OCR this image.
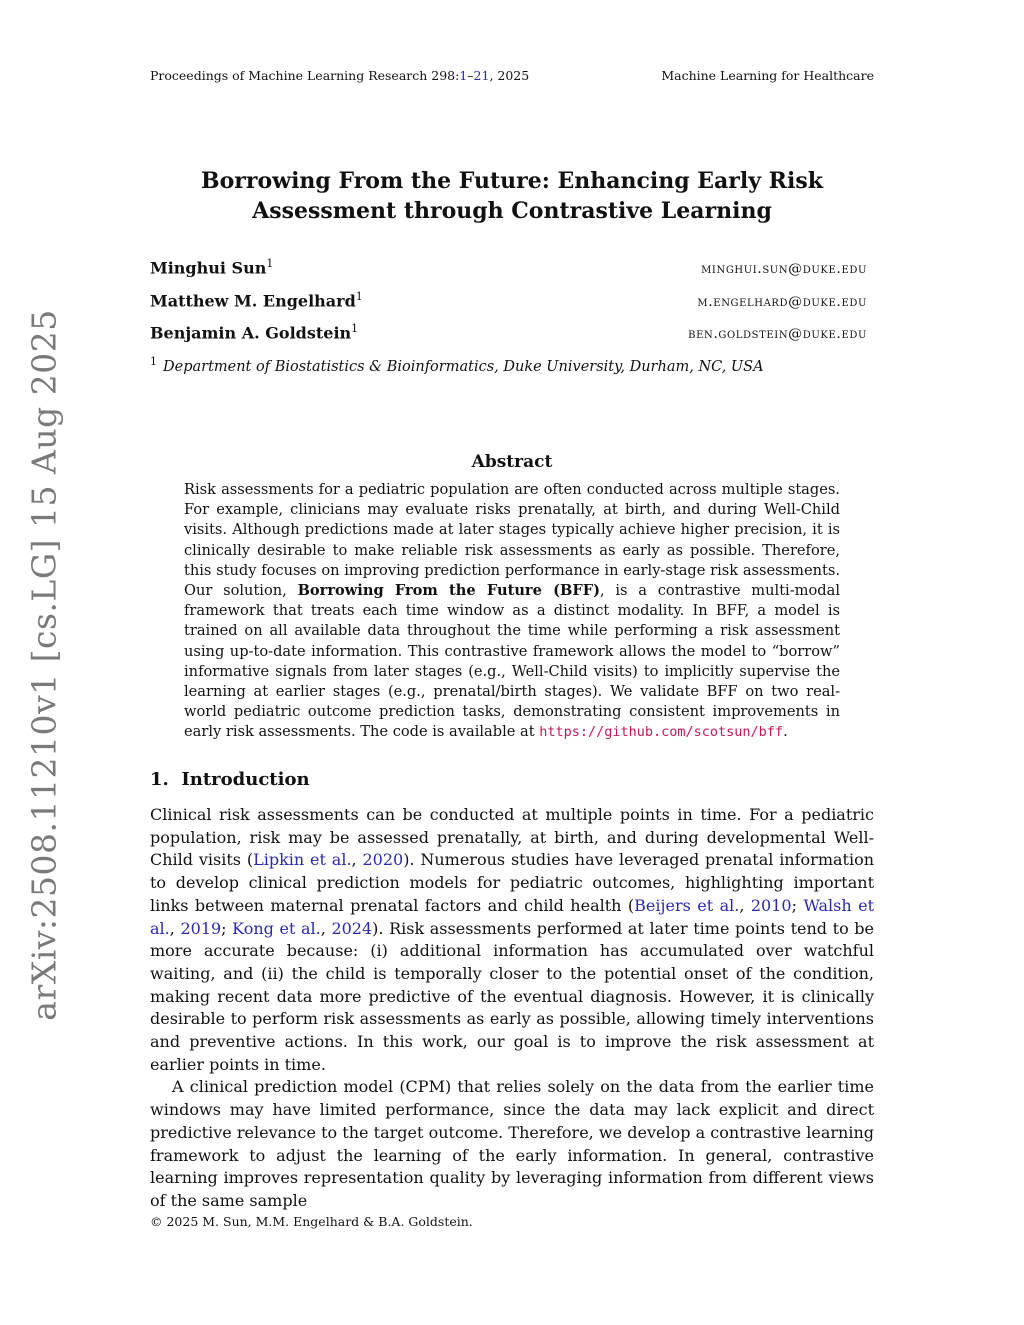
Proceedings of Machine Learning Research 298:1–21, 2025	Machine Learning for Healthcare
arXiv:2508.11210v1 [cs.LG] 15 Aug 2025
Borrowing From the Future: Enhancing Early Risk
Assessment through Contrastive Learning
Minghui Sun$^1$	minghui.sun@duke.edu
Matthew M. Engelhard$^1$	m.engelhard@duke.edu
Benjamin A. Goldstein$^1$	ben.goldstein@duke.edu
$^1$ Department of Biostatistics & Bioinformatics, Duke University, Durham, NC, USA
Abstract
Risk assessments for a pediatric population are often conducted across multiple stages. For example, clinicians may evaluate risks prenatally, at birth, and during Well-Child visits. Although predictions made at later stages typically achieve higher precision, it is clinically desirable to make reliable risk assessments as early as possible. Therefore, this study focuses on improving prediction performance in early-stage risk assessments. Our solution, Borrowing From the Future (BFF), is a contrastive multi-modal framework that treats each time window as a distinct modality. In BFF, a model is trained on all available data throughout the time while performing a risk assessment using up-to-date information. This contrastive framework allows the model to “borrow” informative signals from later stages (e.g., Well-Child visits) to implicitly supervise the learning at earlier stages (e.g., prenatal/birth stages). We validate BFF on two real-world pediatric outcome prediction tasks, demonstrating consistent improvements in early risk assessments. The code is available at https://github.com/scotsun/bff.
1. Introduction

Clinical risk assessments can be conducted at multiple points in time. For a pediatric population, risk may be assessed prenatally, at birth, and during developmental Well-Child visits (Lipkin et al., 2020). Numerous studies have leveraged prenatal information to develop clinical prediction models for pediatric outcomes, highlighting important links between maternal prenatal factors and child health (Beijers et al., 2010; Walsh et al., 2019; Kong et al., 2024). Risk assessments performed at later time points tend to be more accurate because: (i) additional information has accumulated over watchful waiting, and (ii) the child is temporally closer to the potential onset of the condition, making recent data more predictive of the eventual diagnosis. However, it is clinically desirable to perform risk assessments as early as possible, allowing timely interventions and preventive actions. In this work, our goal is to improve the risk assessment at earlier points in time.

A clinical prediction model (CPM) that relies solely on the data from the earlier time windows may have limited performance, since the data may lack explicit and direct predictive relevance to the target outcome. Therefore, we develop a contrastive learning framework to adjust the learning of the early information. In general, contrastive learning improves representation quality by leveraging information from different views of the same sample

© 2025 M. Sun, M.M. Engelhard & B.A. Goldstein.
